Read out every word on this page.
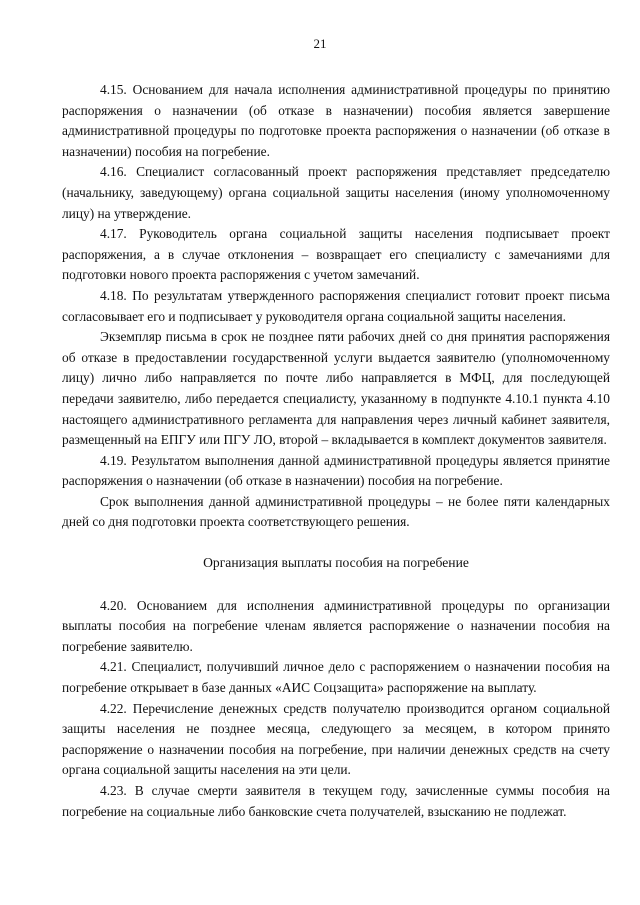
21

4.15. Основанием для начала исполнения административной процедуры по принятию распоряжения о назначении (об отказе в назначении) пособия является завершение административной процедуры по подготовке проекта распоряжения о назначении (об отказе в назначении) пособия на погребение.

4.16. Специалист согласованный проект распоряжения представляет председателю (начальнику, заведующему) органа социальной защиты населения (иному уполномоченному лицу) на утверждение.

4.17. Руководитель органа социальной защиты населения подписывает проект распоряжения, а в случае отклонения – возвращает его специалисту с замечаниями для подготовки нового проекта распоряжения с учетом замечаний.

4.18. По результатам утвержденного распоряжения специалист готовит проект письма согласовывает его и подписывает у руководителя органа социальной защиты населения.

Экземпляр письма в срок не позднее пяти рабочих дней со дня принятия распоряжения об отказе в предоставлении государственной услуги выдается заявителю (уполномоченному лицу) лично либо направляется по почте либо направляется в МФЦ, для последующей передачи заявителю, либо передается специалисту, указанному в подпункте 4.10.1 пункта 4.10 настоящего административного регламента для направления через личный кабинет заявителя, размещенный на ЕПГУ или ПГУ ЛО, второй – вкладывается в комплект документов заявителя.

4.19. Результатом выполнения данной административной процедуры является принятие распоряжения о назначении (об отказе в назначении) пособия на погребение.

Срок выполнения данной административной процедуры – не более пяти календарных дней со дня подготовки проекта соответствующего решения.

Организация выплаты пособия на погребение

4.20. Основанием для исполнения административной процедуры по организации выплаты пособия на погребение членам является распоряжение о назначении пособия на погребение заявителю.

4.21. Специалист, получивший личное дело с распоряжением о назначении пособия на погребение открывает в базе данных «АИС Соцзащита» распоряжение на выплату.

4.22. Перечисление денежных средств получателю производится органом социальной защиты населения не позднее месяца, следующего за месяцем, в котором принято распоряжение о назначении пособия на погребение, при наличии денежных средств на счету органа социальной защиты населения на эти цели.

4.23. В случае смерти заявителя в текущем году, зачисленные суммы пособия на погребение на социальные либо банковские счета получателей, взысканию не подлежат.
